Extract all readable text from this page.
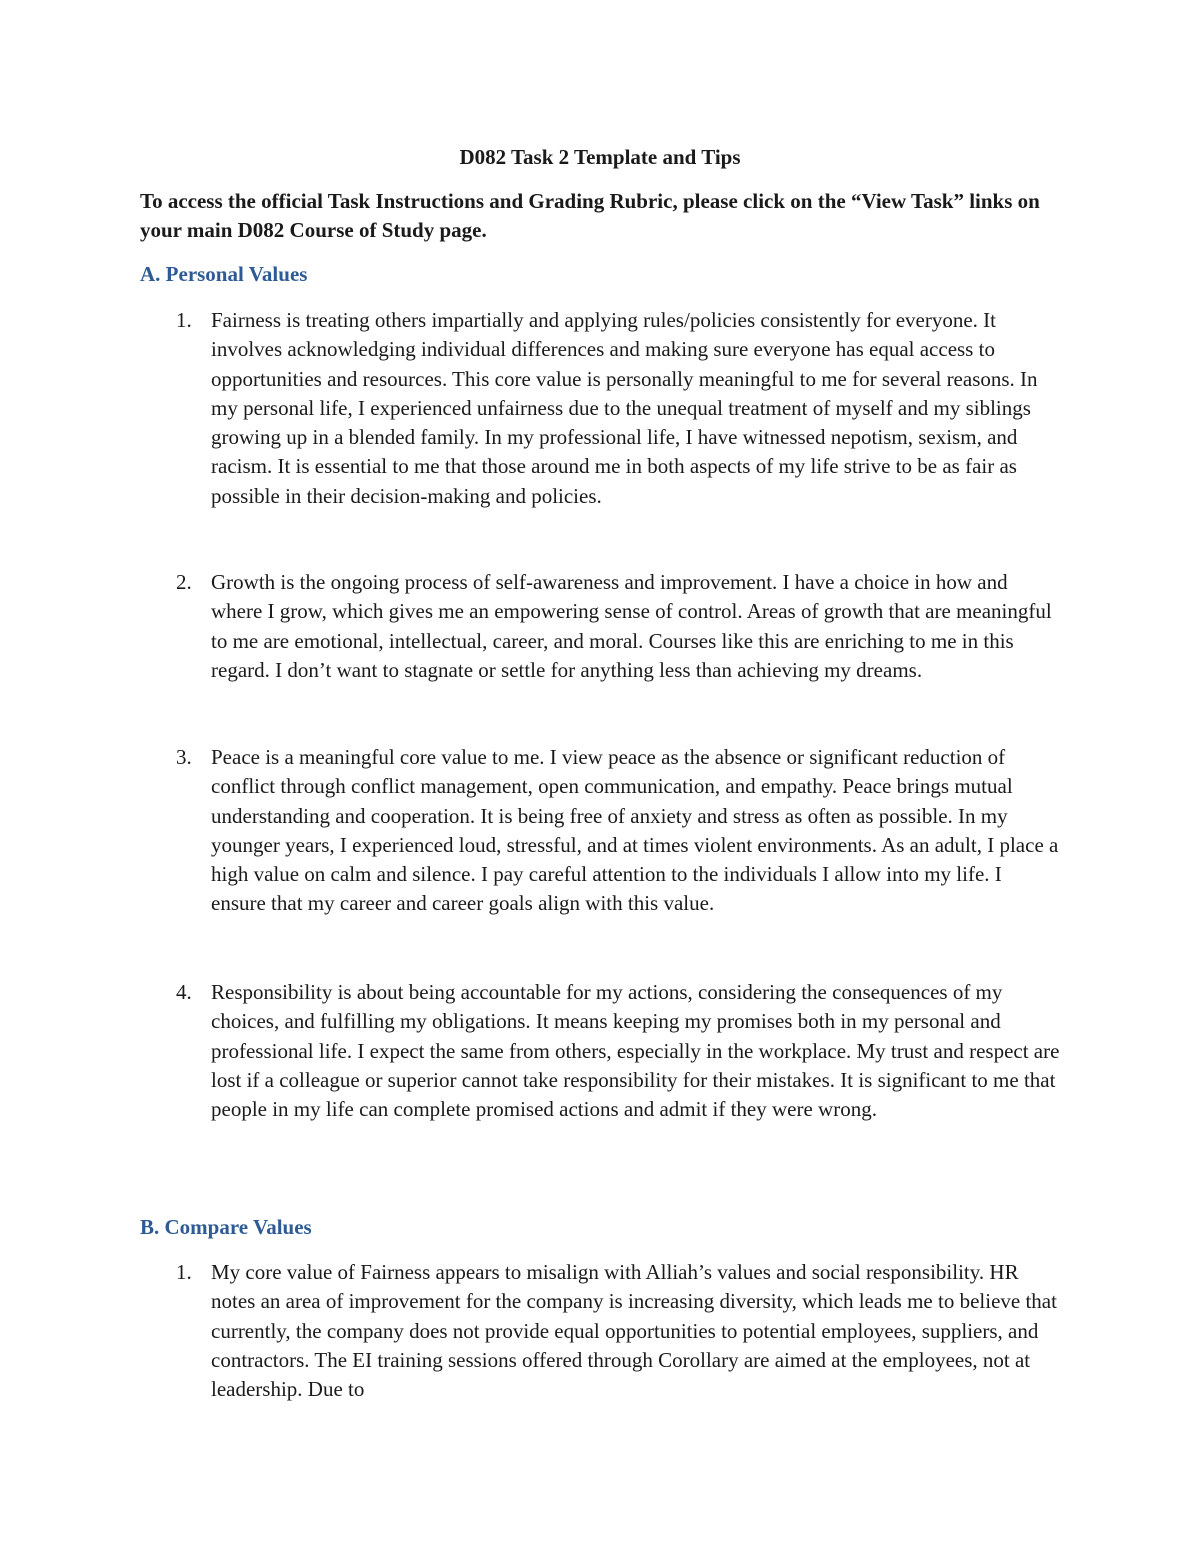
D082 Task 2 Template and Tips

To access the official Task Instructions and Grading Rubric, please click on the “View Task” links on your main D082 Course of Study page.

A. Personal Values
1. Fairness is treating others impartially and applying rules/policies consistently for everyone. It involves acknowledging individual differences and making sure everyone has equal access to opportunities and resources. This core value is personally meaningful to me for several reasons. In my personal life, I experienced unfairness due to the unequal treatment of myself and my siblings growing up in a blended family. In my professional life, I have witnessed nepotism, sexism, and racism. It is essential to me that those around me in both aspects of my life strive to be as fair as possible in their decision-making and policies.

2. Growth is the ongoing process of self-awareness and improvement. I have a choice in how and where I grow, which gives me an empowering sense of control. Areas of growth that are meaningful to me are emotional, intellectual, career, and moral. Courses like this are enriching to me in this regard. I don’t want to stagnate or settle for anything less than achieving my dreams.

3. Peace is a meaningful core value to me. I view peace as the absence or significant reduction of conflict through conflict management, open communication, and empathy. Peace brings mutual understanding and cooperation. It is being free of anxiety and stress as often as possible. In my younger years, I experienced loud, stressful, and at times violent environments. As an adult, I place a high value on calm and silence. I pay careful attention to the individuals I allow into my life. I ensure that my career and career goals align with this value.

4. Responsibility is about being accountable for my actions, considering the consequences of my choices, and fulfilling my obligations. It means keeping my promises both in my personal and professional life. I expect the same from others, especially in the workplace. My trust and respect are lost if a colleague or superior cannot take responsibility for their mistakes. It is significant to me that people in my life can complete promised actions and admit if they were wrong.

B. Compare Values
1. My core value of Fairness appears to misalign with Alliah’s values and social responsibility. HR notes an area of improvement for the company is increasing diversity, which leads me to believe that currently, the company does not provide equal opportunities to potential employees, suppliers, and contractors. The EI training sessions offered through Corollary are aimed at the employees, not at leadership. Due to
